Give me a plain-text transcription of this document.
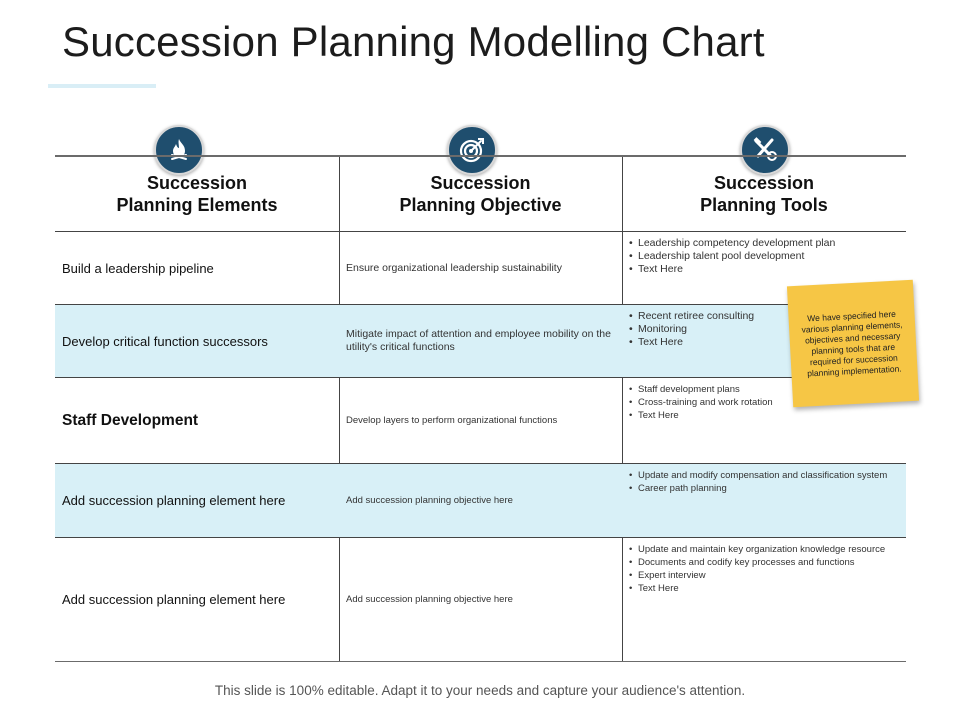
Succession Planning Modelling Chart
Succession
Planning Elements
Succession
Planning Objective
Succession
Planning Tools
Build a leadership pipeline	Ensure organizational leadership sustainability
• Leadership competency development plan
• Leadership talent pool development
• Text Here
Develop critical function successors	Mitigate impact of attention and employee mobility on the utility's critical functions
• Recent retiree consulting
• Monitoring
• Text Here
Staff Development	Develop layers to perform organizational functions
• Staff development plans
• Cross-training and work rotation
• Text Here
Add succession planning element here	Add succession planning objective here
• Update and modify compensation and classification system
• Career path planning
Add succession planning element here	Add succession planning objective here
• Update and maintain key organization knowledge resource
• Documents and codify key processes and functions
• Expert interview
• Text Here
We have specified here various planning elements, objectives and necessary planning tools that are required for succession planning implementation.
This slide is 100% editable. Adapt it to your needs and capture your audience's attention.
